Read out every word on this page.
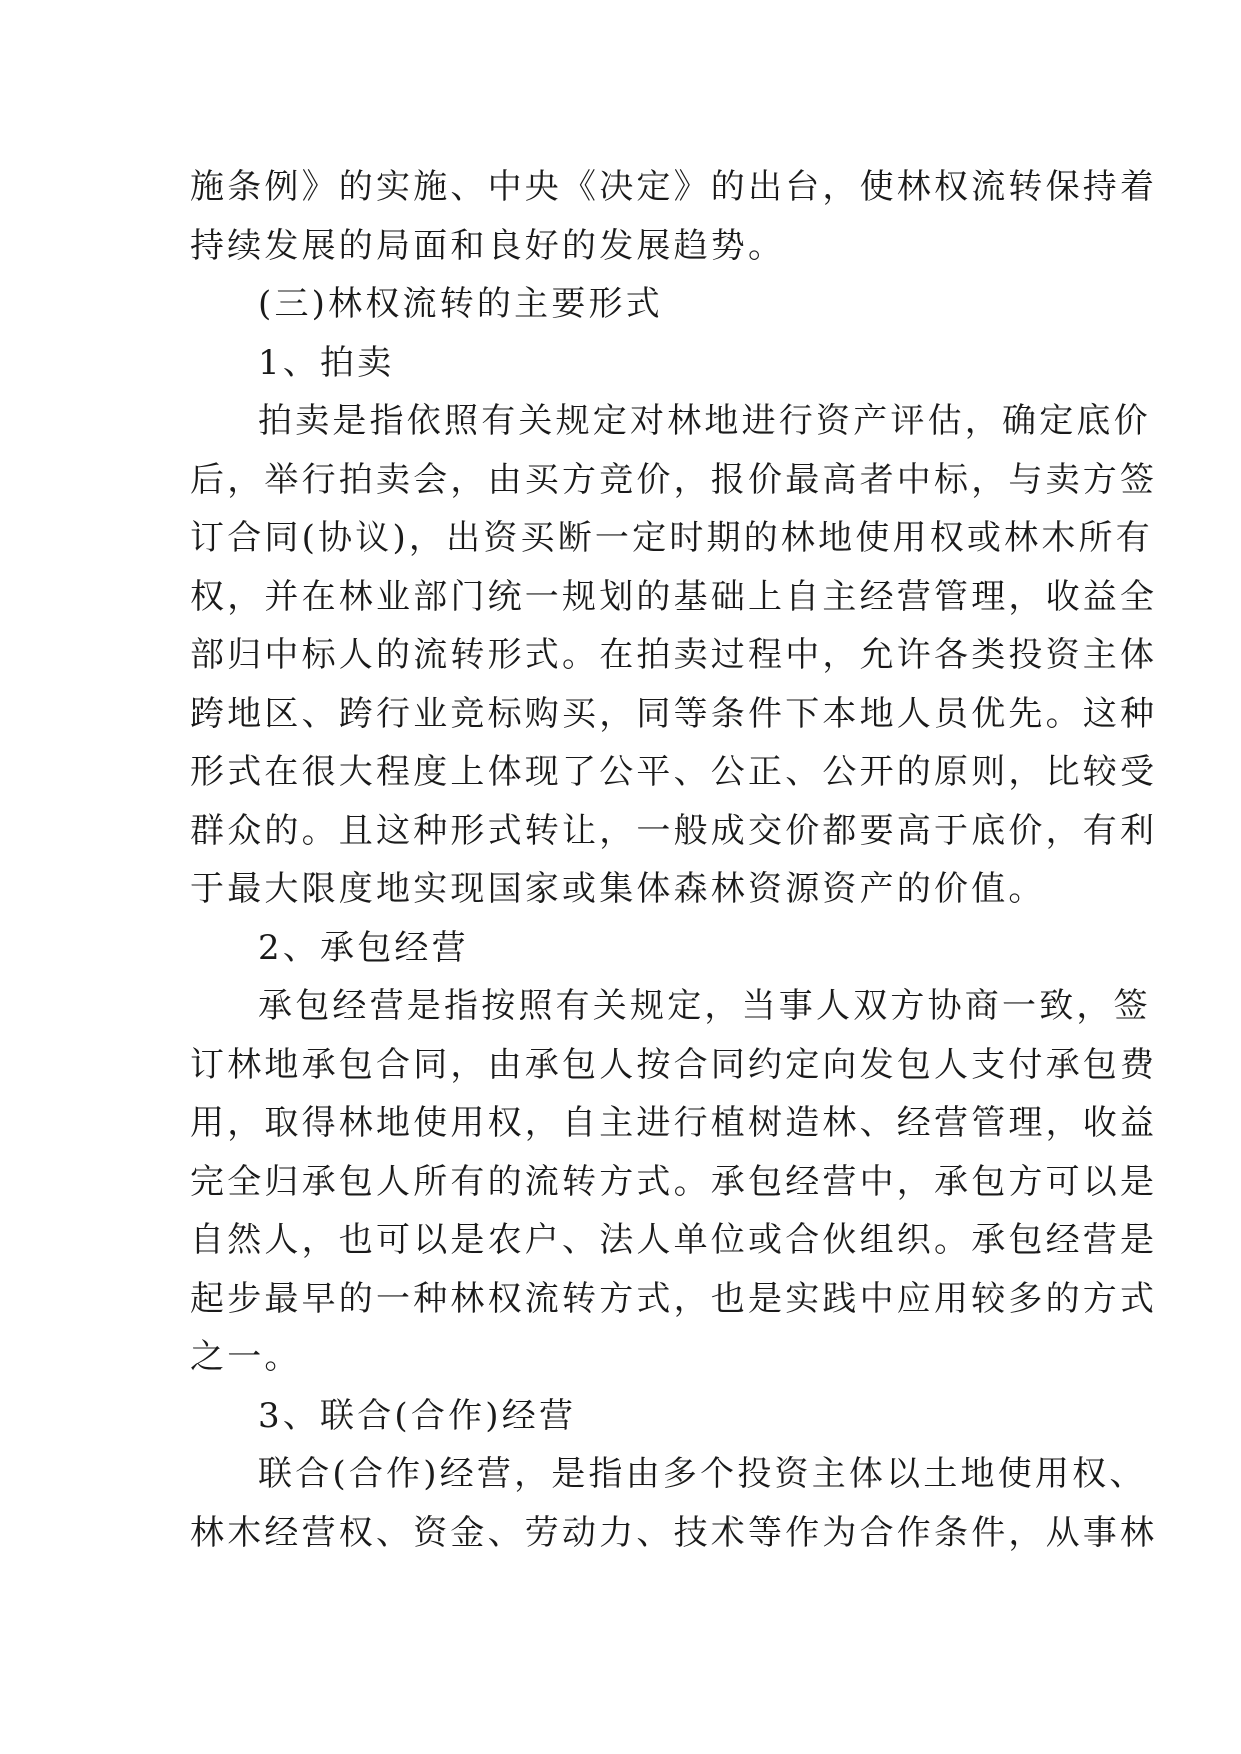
施条例》的实施、中央《决定》的出台，使林权流转保持着
持续发展的局面和良好的发展趋势。
(三)林权流转的主要形式
1、拍卖
拍卖是指依照有关规定对林地进行资产评估，确定底价
后，举行拍卖会，由买方竞价，报价最高者中标，与卖方签
订合同(协议)，出资买断一定时期的林地使用权或林木所有
权，并在林业部门统一规划的基础上自主经营管理，收益全
部归中标人的流转形式。在拍卖过程中，允许各类投资主体
跨地区、跨行业竞标购买，同等条件下本地人员优先。这种
形式在很大程度上体现了公平、公正、公开的原则，比较受
群众的。且这种形式转让，一般成交价都要高于底价，有利
于最大限度地实现国家或集体森林资源资产的价值。
2、承包经营
承包经营是指按照有关规定，当事人双方协商一致，签
订林地承包合同，由承包人按合同约定向发包人支付承包费
用，取得林地使用权，自主进行植树造林、经营管理，收益
完全归承包人所有的流转方式。承包经营中，承包方可以是
自然人，也可以是农户、法人单位或合伙组织。承包经营是
起步最早的一种林权流转方式，也是实践中应用较多的方式
之一。
3、联合(合作)经营
联合(合作)经营，是指由多个投资主体以土地使用权、
林木经营权、资金、劳动力、技术等作为合作条件，从事林
